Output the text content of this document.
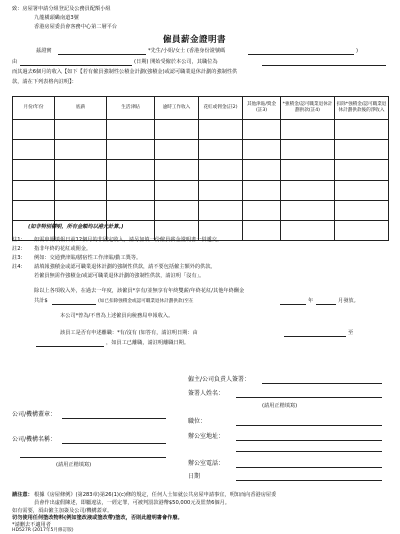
致：房屋署申請分組登記及公務員配額小組
九龍橫頭磡南道3號
香港房屋委員會客務中心第二層平台
僱員薪金證明書
茲證實	*先生/小姐/女士 (香港身份證號碼	)
由	(日期) 開始受僱於本公司，其職位為
而其過去6個月的收入【如下【若有僱員強制性公積金計劃(強積金)或認可職業退休計劃的強制性供
款，請在下列表格內註明】：
月份/年份	底薪	生活津貼	逾時工作收入	花紅或佣金(註2)	其他津貼/獎金(註3)	*強積金/認可職業退休計劃供款(註4)	扣除*強積金/認可職業退休計劃供款後的淨收入

(如非特別標明，所有金額均以港元計算。)
註1： 如需申報填報日前12個月的非固定收入，請另加填一份僱員薪金證明書一併遞交。
註2： 指非年終的花紅或佣金。
註3： 例如：交通費津貼/膳宿性工作津貼/勤工獎等。
註4： 請填報強積金或認可職業退休計劃的強制性供款，請不要包括僱主額外的供款。
若僱員無需作強積金/或認可職業退休計劃的強制性供款，請註明「沒有」。
除以上各項收入外，在過去一年度，該僱員*享有/並無享有年終雙薪/年終花紅/其他年終酬金
共計$	(如已扣除強積金或認可職業退休計劃供款)至在	年	月發放。
本公司*曾為/不曾為上述僱員向稅務局申報收入。
該員工是否有申述離職：*有/沒有 (如答有，請註明日期：由	至
，如員工已離職，請註明離職日期。
僱主/公司負責人簽署：
簽署人姓名：
(請用正楷填寫)
職位：
辦公室地址：
辦公室電話：
日期
公司/機構蓋章：
公司/機構名稱：
(請用正楷填寫)
請注意： 根據《房屋條例》(第283章)第26(1)(c)條的規定，任何人士如就公共房屋申請事宜，明知而向香港房屋委
員會作出虛假陳述，即屬違法，一經定罪，可被判罰款港幣$50,000元及監禁6個月。
如有需要，須由僱主加簽及公司/機構蓋章。
切勿使用任何塗改物料(例如塗改液或塗改帶)塗改，否則此證明書會作廢。
*請刪去不適用者
HD527R (2017年5月修訂版)
